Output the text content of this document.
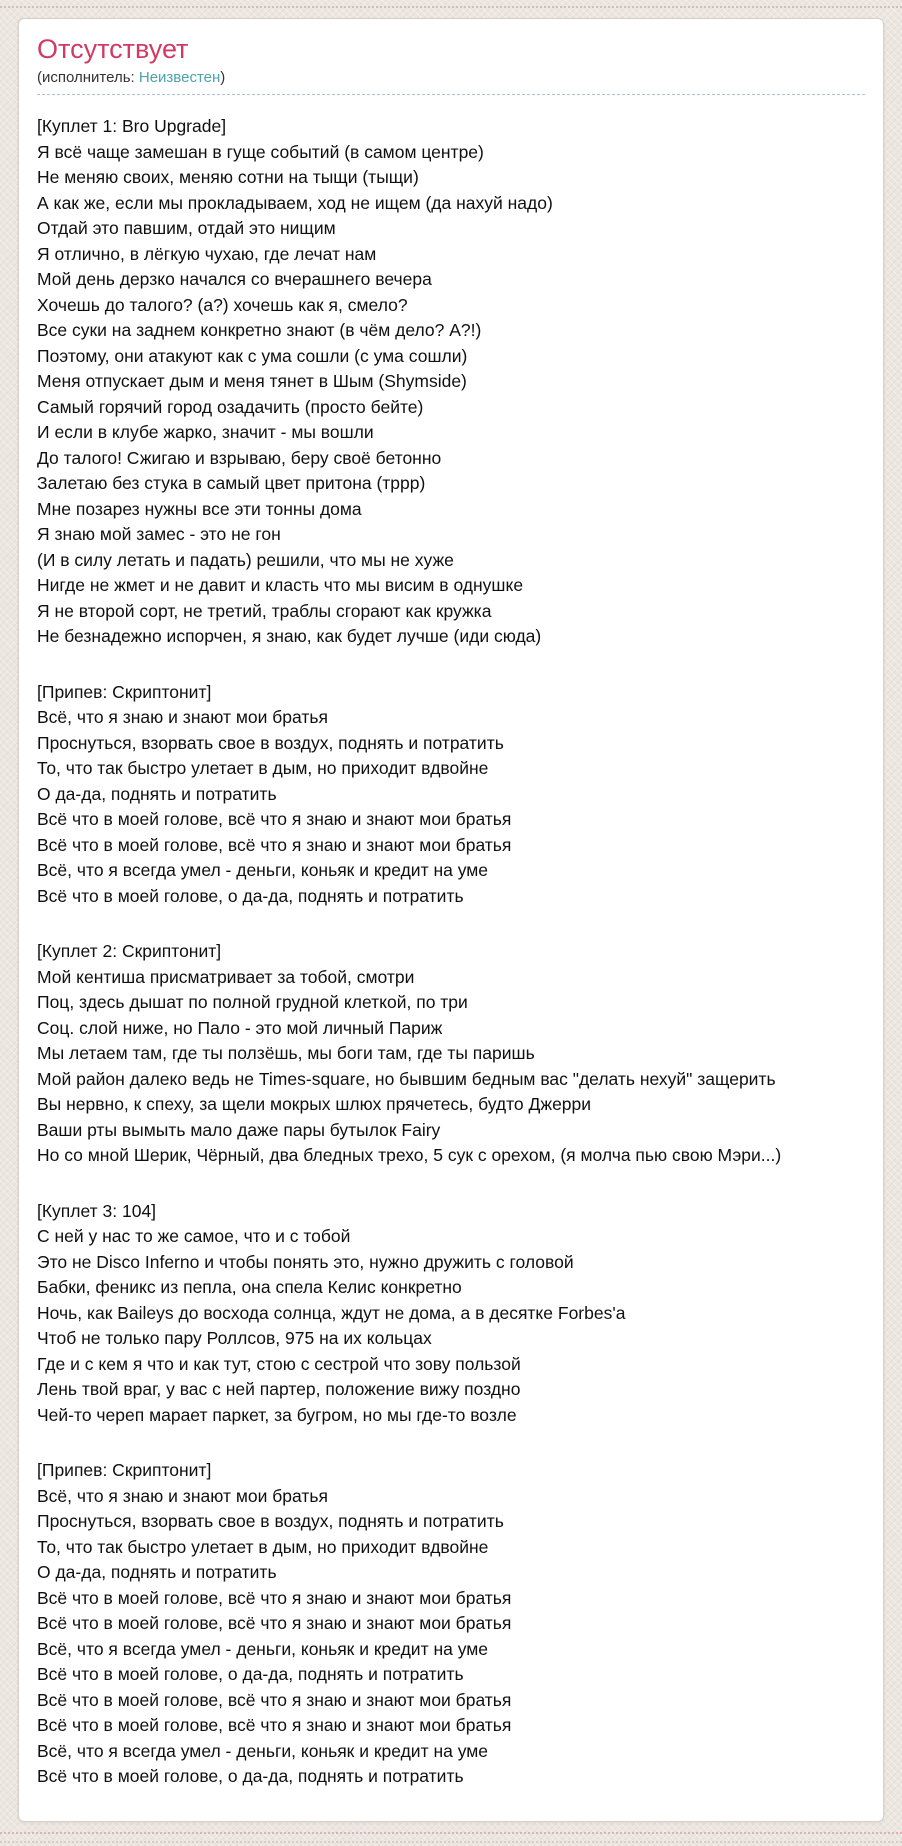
Отсутствует

(исполнитель: Неизвестен)

[Куплет 1: Bro Upgrade]
Я всё чаще замешан в гуще событий (в самом центре)
Не меняю своих, меняю сотни на тыщи (тыщи)
А как же, если мы прокладываем, ход не ищем (да нахуй надо)
Отдай это павшим, отдай это нищим
Я отлично, в лёгкую чухаю, где лечат нам
Мой день дерзко начался со вчерашнего вечера
Хочешь до талого? (а?) хочешь как я, смело?
Все суки на заднем конкретно знают (в чём дело? А?!)
Поэтому, они атакуют как с ума сошли (с ума сошли)
Меня отпускает дым и меня тянет в Шым (Shymside)
Самый горячий город озадачить (просто бейте)
И если в клубе жарко, значит - мы вошли
До талого! Сжигаю и взрываю, беру своё бетонно
Залетаю без стука в самый цвет притона (тррр)
Мне позарез нужны все эти тонны дома
Я знаю мой замес - это не гон
(И в силу летать и падать) решили, что мы не хуже
Нигде не жмет и не давит и класть что мы висим в однушке
Я не второй сорт, не третий, траблы сгорают как кружка
Не безнадежно испорчен, я знаю, как будет лучше (иди сюда)
[Припев: Скриптонит]
Всё, что я знаю и знают мои братья
Проснуться, взорвать свое в воздух, поднять и потратить
То, что так быстро улетает в дым, но приходит вдвойне
О да-да, поднять и потратить
Всё что в моей голове, всё что я знаю и знают мои братья
Всё что в моей голове, всё что я знаю и знают мои братья
Всё, что я всегда умел - деньги, коньяк и кредит на уме
Всё что в моей голове, о да-да, поднять и потратить
[Куплет 2: Скриптонит]
Мой кентиша присматривает за тобой, смотри
Поц, здесь дышат по полной грудной клеткой, по три
Соц. слой ниже, но Пало - это мой личный Париж
Мы летаем там, где ты ползёшь, мы боги там, где ты паришь
Мой район далеко ведь не Times-square, но бывшим бедным вас "делать нехуй" защерить
Вы нервно, к спеху, за щели мокрых шлюх прячетесь, будто Джерри
Ваши рты вымыть мало даже пары бутылок Fairy
Но со мной Шерик, Чёрный, два бледных трехо, 5 сук с орехом, (я молча пью свою Мэри...)
[Куплет 3: 104]
С ней у нас то же самое, что и с тобой
Это не Disco Inferno и чтобы понять это, нужно дружить с головой
Бабки, феникс из пепла, она спела Келис конкретно
Ночь, как Baileys до восхода солнца, ждут не дома, а в десятке Forbes'a
Чтоб не только пару Роллсов, 975 на их кольцах
Где и с кем я что и как тут, стою с сестрой что зову пользой
Лень твой враг, у вас с ней партер, положение вижу поздно
Чей-то череп марает паркет, за бугром, но мы где-то возле
[Припев: Скриптонит]
Всё, что я знаю и знают мои братья
Проснуться, взорвать свое в воздух, поднять и потратить
То, что так быстро улетает в дым, но приходит вдвойне
О да-да, поднять и потратить
Всё что в моей голове, всё что я знаю и знают мои братья
Всё что в моей голове, всё что я знаю и знают мои братья
Всё, что я всегда умел - деньги, коньяк и кредит на уме
Всё что в моей голове, о да-да, поднять и потратить
Всё что в моей голове, всё что я знаю и знают мои братья
Всё что в моей голове, всё что я знаю и знают мои братья
Всё, что я всегда умел - деньги, коньяк и кредит на уме
Всё что в моей голове, о да-да, поднять и потратить
